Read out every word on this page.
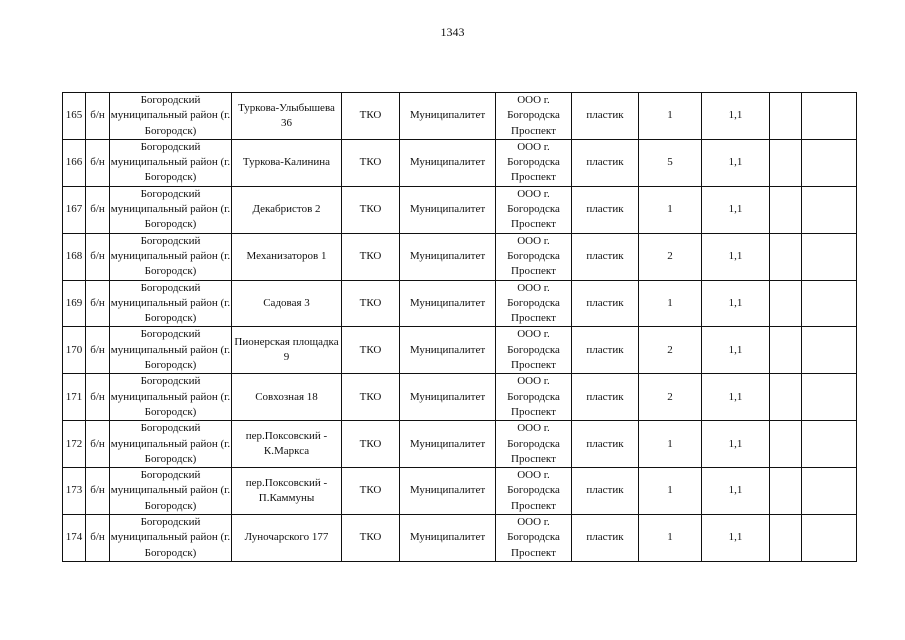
1343
165	б/н	Богородский муниципальный район (г. Богородск)	Туркова-Улыбышева 36	ТКО	Муниципалитет	ООО г. Богородска Проспект	пластик	1	1,1		
166	б/н	Богородский муниципальный район (г. Богородск)	Туркова-Калинина	ТКО	Муниципалитет	ООО г. Богородска Проспект	пластик	5	1,1		
167	б/н	Богородский муниципальный район (г. Богородск)	Декабристов 2	ТКО	Муниципалитет	ООО г. Богородска Проспект	пластик	1	1,1		
168	б/н	Богородский муниципальный район (г. Богородск)	Механизаторов 1	ТКО	Муниципалитет	ООО г. Богородска Проспект	пластик	2	1,1		
169	б/н	Богородский муниципальный район (г. Богородск)	Садовая 3	ТКО	Муниципалитет	ООО г. Богородска Проспект	пластик	1	1,1		
170	б/н	Богородский муниципальный район (г. Богородск)	Пионерская площадка 9	ТКО	Муниципалитет	ООО г. Богородска Проспект	пластик	2	1,1		
171	б/н	Богородский муниципальный район (г. Богородск)	Совхозная 18	ТКО	Муниципалитет	ООО г. Богородска Проспект	пластик	2	1,1		
172	б/н	Богородский муниципальный район (г. Богородск)	пер.Поксовский - К.Маркса	ТКО	Муниципалитет	ООО г. Богородска Проспект	пластик	1	1,1		
173	б/н	Богородский муниципальный район (г. Богородск)	пер.Поксовский - П.Каммуны	ТКО	Муниципалитет	ООО г. Богородска Проспект	пластик	1	1,1		
174	б/н	Богородский муниципальный район (г. Богородск)	Луночарского 177	ТКО	Муниципалитет	ООО г. Богородска Проспект	пластик	1	1,1		
